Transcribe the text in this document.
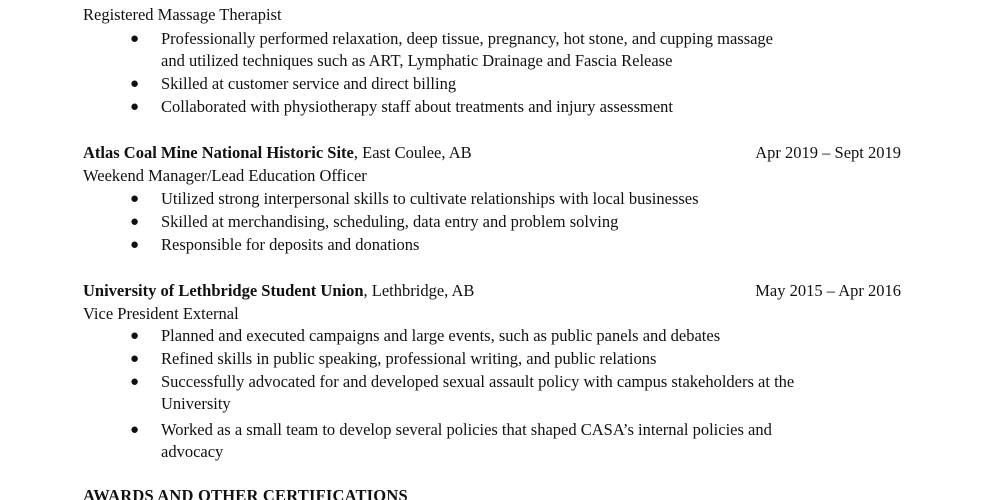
Registered Massage Therapist
● Professionally performed relaxation, deep tissue, pregnancy, hot stone, and cupping massage
and utilized techniques such as ART, Lymphatic Drainage and Fascia Release
● Skilled at customer service and direct billing
● Collaborated with physiotherapy staff about treatments and injury assessment
Atlas Coal Mine National Historic Site, East Coulee, AB	Apr 2019 – Sept 2019
Weekend Manager/Lead Education Officer
● Utilized strong interpersonal skills to cultivate relationships with local businesses
● Skilled at merchandising, scheduling, data entry and problem solving
● Responsible for deposits and donations
University of Lethbridge Student Union, Lethbridge, AB	May 2015 – Apr 2016
Vice President External
● Planned and executed campaigns and large events, such as public panels and debates
● Refined skills in public speaking, professional writing, and public relations
● Successfully advocated for and developed sexual assault policy with campus stakeholders at the
University
● Worked as a small team to develop several policies that shaped CASA’s internal policies and
advocacy
AWARDS AND OTHER CERTIFICATIONS
